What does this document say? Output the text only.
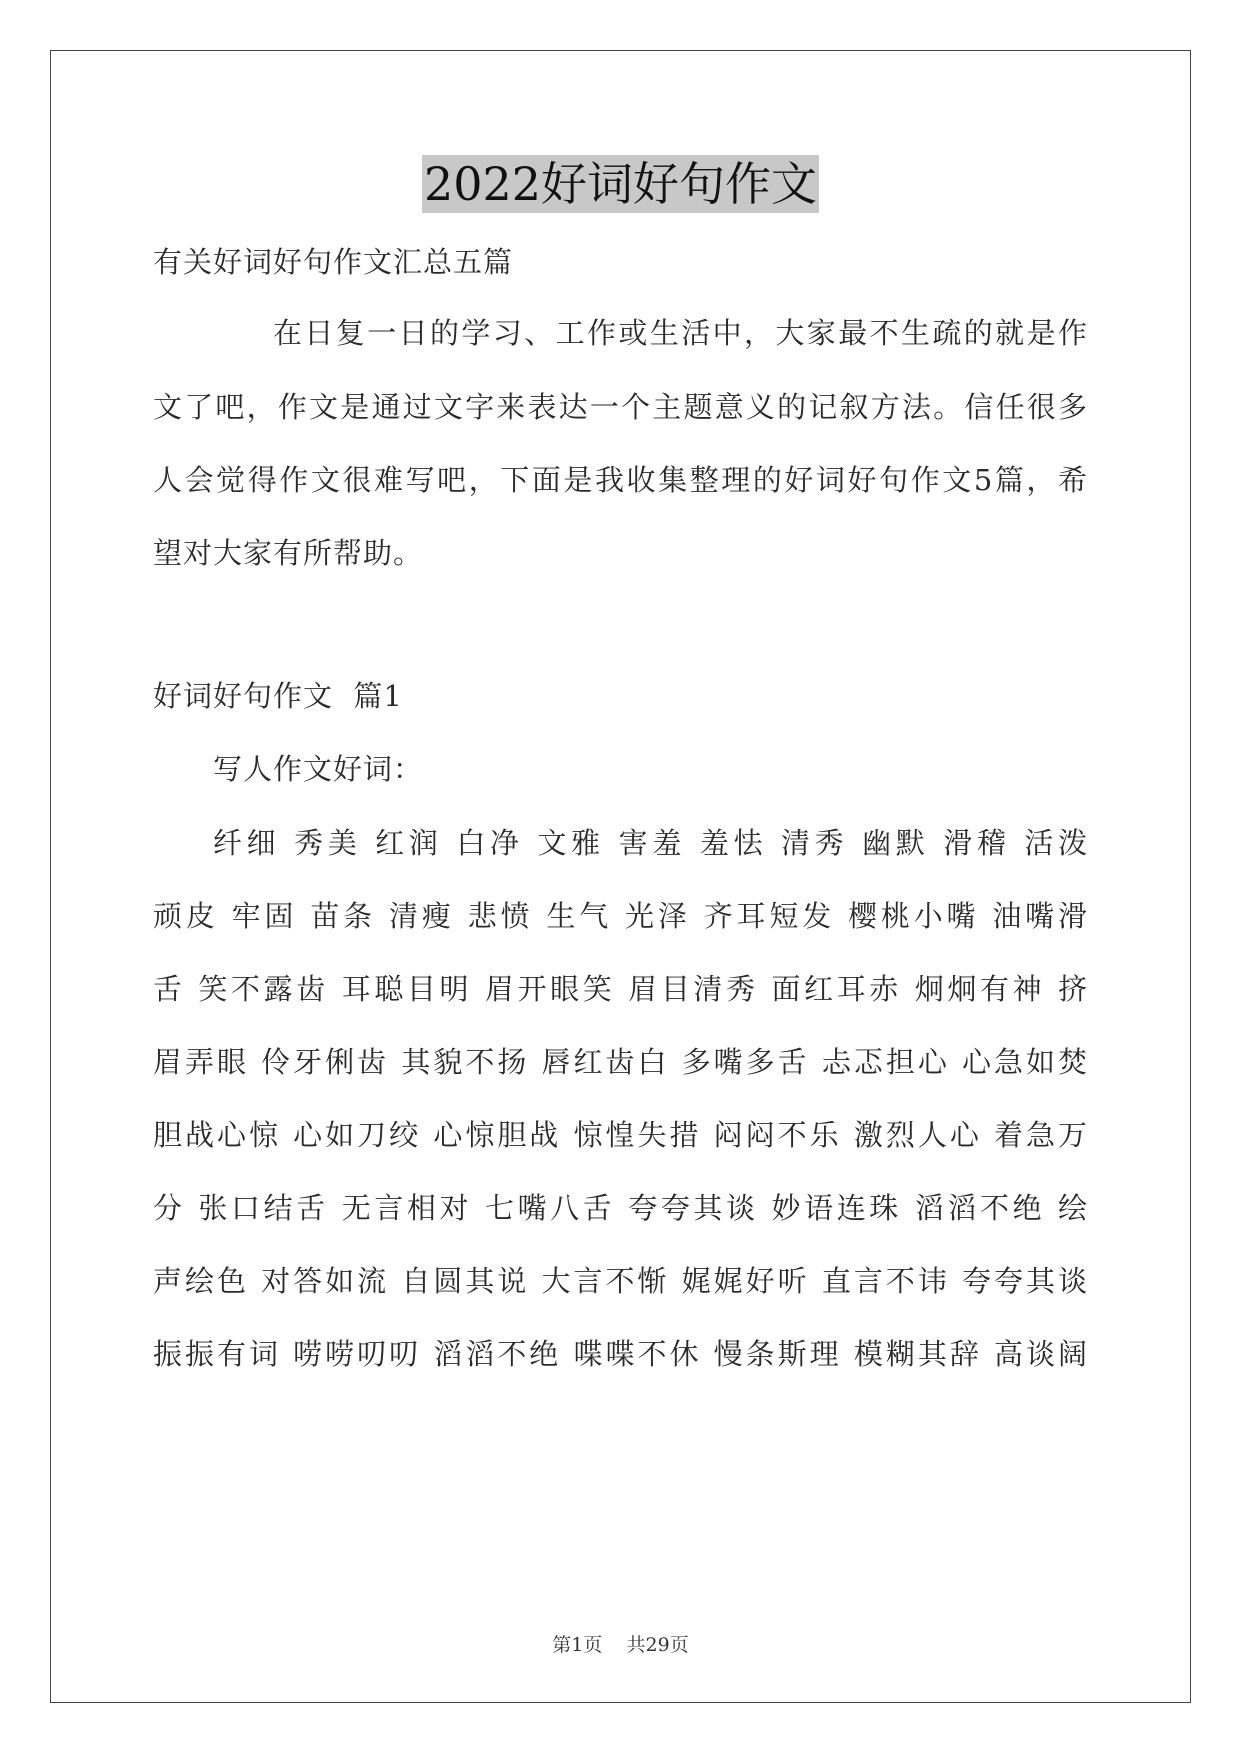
2022好词好句作文
有关好词好句作文汇总五篇
在日复一日的学习、工作或生活中，大家最不生疏的就是作
文了吧，作文是通过文字来表达一个主题意义的记叙方法。信任很多
人会觉得作文很难写吧，下面是我收集整理的好词好句作文5篇，希
望对大家有所帮助。
好词好句作文  篇1
写人作文好词：
纤细 秀美 红润 白净 文雅 害羞 羞怯 清秀 幽默 滑稽 活泼
顽皮 牢固 苗条 清瘦 悲愤 生气 光泽 齐耳短发 樱桃小嘴 油嘴滑
舌 笑不露齿 耳聪目明 眉开眼笑 眉目清秀 面红耳赤 炯炯有神 挤
眉弄眼 伶牙俐齿 其貌不扬 唇红齿白 多嘴多舌 忐忑担心 心急如焚
胆战心惊 心如刀绞 心惊胆战 惊惶失措 闷闷不乐 激烈人心 着急万
分 张口结舌 无言相对 七嘴八舌 夸夸其谈 妙语连珠 滔滔不绝 绘
声绘色 对答如流 自圆其说 大言不惭 娓娓好听 直言不讳 夸夸其谈
振振有词 唠唠叨叨 滔滔不绝 喋喋不休 慢条斯理 模糊其辞 高谈阔
第1页    共29页
